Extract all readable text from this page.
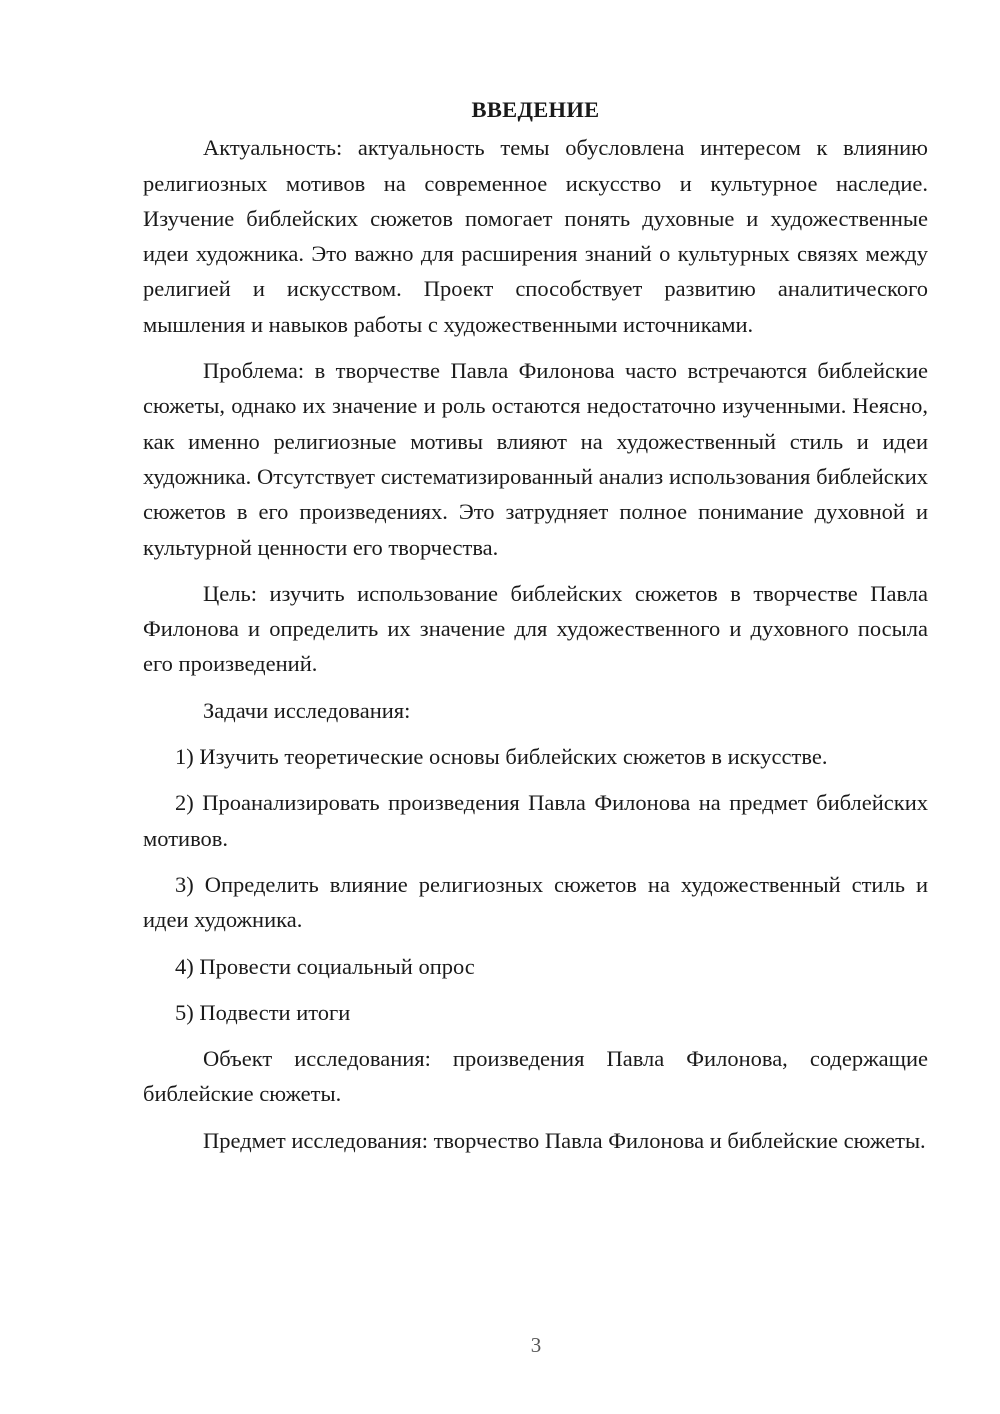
ВВЕДЕНИЕ

Актуальность: актуальность темы обусловлена интересом к влиянию религиозных мотивов на современное искусство и культурное наследие. Изучение библейских сюжетов помогает понять духовные и художественные идеи художника. Это важно для расширения знаний о культурных связях между религией и искусством. Проект способствует развитию аналитического мышления и навыков работы с художественными источниками.

Проблема: в творчестве Павла Филонова часто встречаются библейские сюжеты, однако их значение и роль остаются недостаточно изученными. Неясно, как именно религиозные мотивы влияют на художественный стиль и идеи художника. Отсутствует систематизированный анализ использования библейских сюжетов в его произведениях. Это затрудняет полное понимание духовной и культурной ценности его творчества.

Цель: изучить использование библейских сюжетов в творчестве Павла Филонова и определить их значение для художественного и духовного посыла его произведений.

Задачи исследования:

1) Изучить теоретические основы библейских сюжетов в искусстве.

2) Проанализировать произведения Павла Филонова на предмет библейских мотивов.

3) Определить влияние религиозных сюжетов на художественный стиль и идеи художника.

4) Провести социальный опрос

5) Подвести итоги

Объект исследования: произведения Павла Филонова, содержащие библейские сюжеты.

Предмет исследования: творчество Павла Филонова и библейские сюжеты.

3
